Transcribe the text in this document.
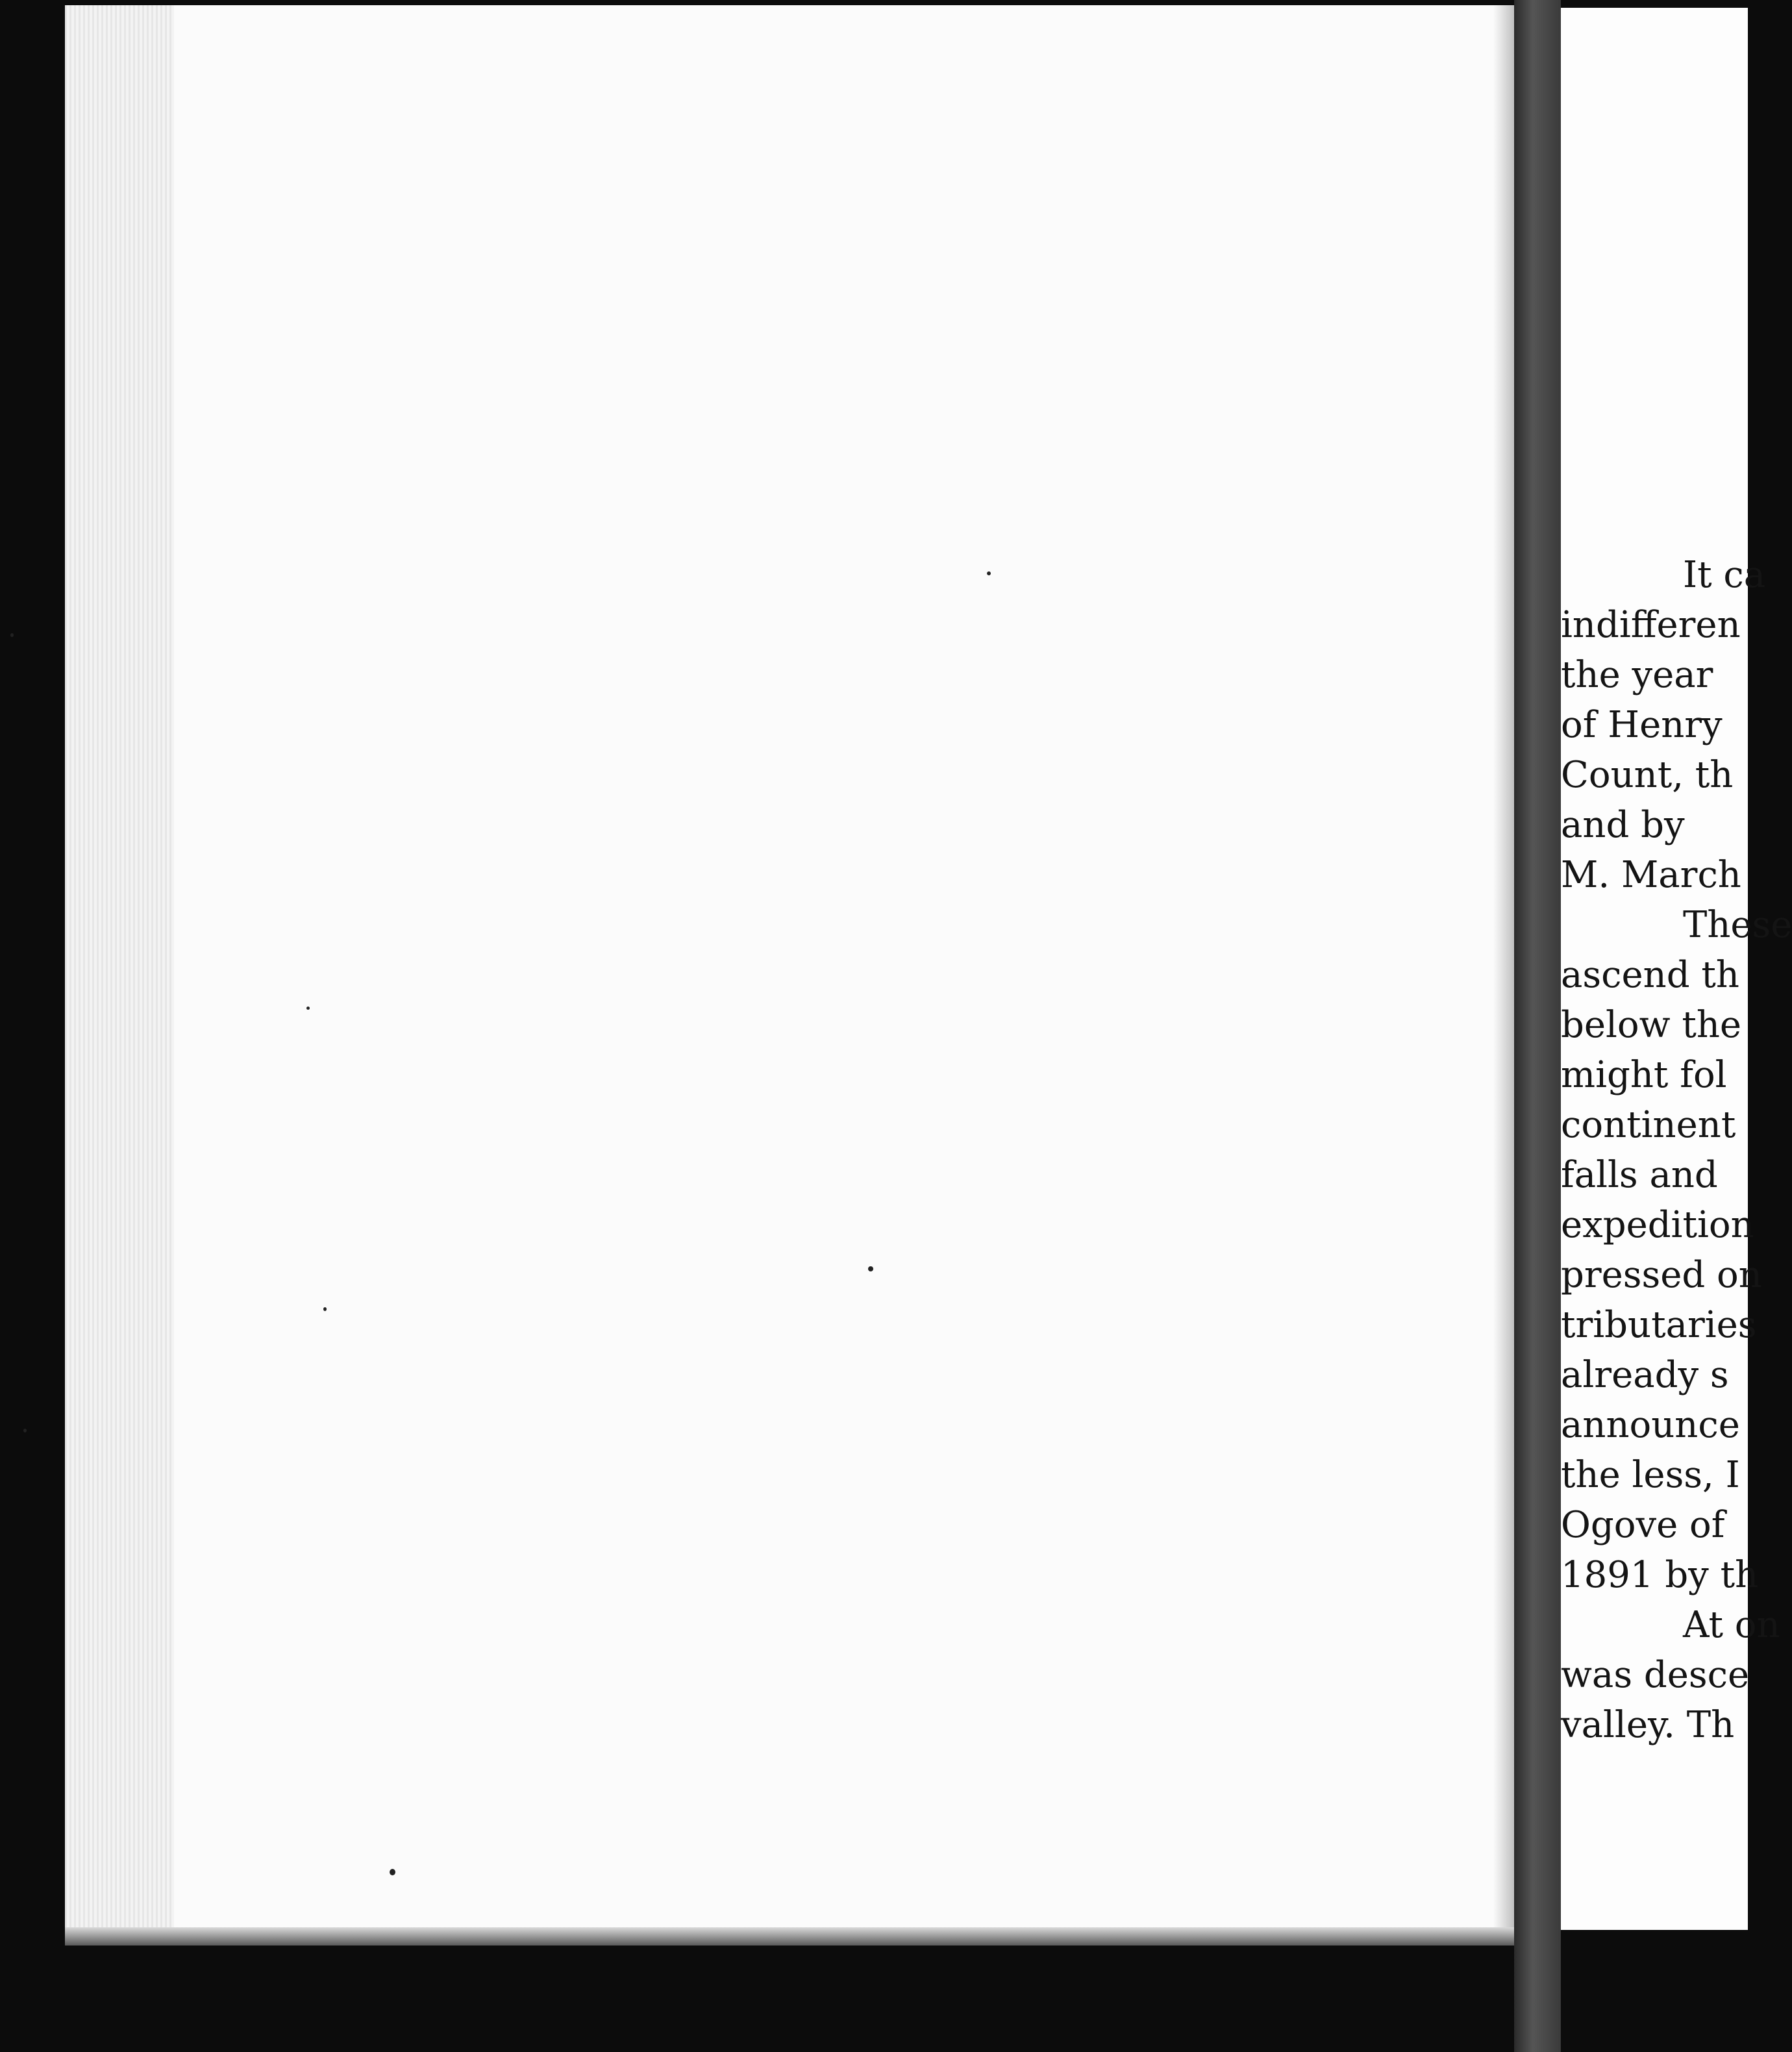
It ca
indifferen
the year
of Henry
Count, th
and by
M. March
These
ascend th
below the
might fol
continent
falls and
expedition
pressed on
tributaries
already s
announce
the less, I
Ogove of
1891 by th
At on
was desce
valley. Th
